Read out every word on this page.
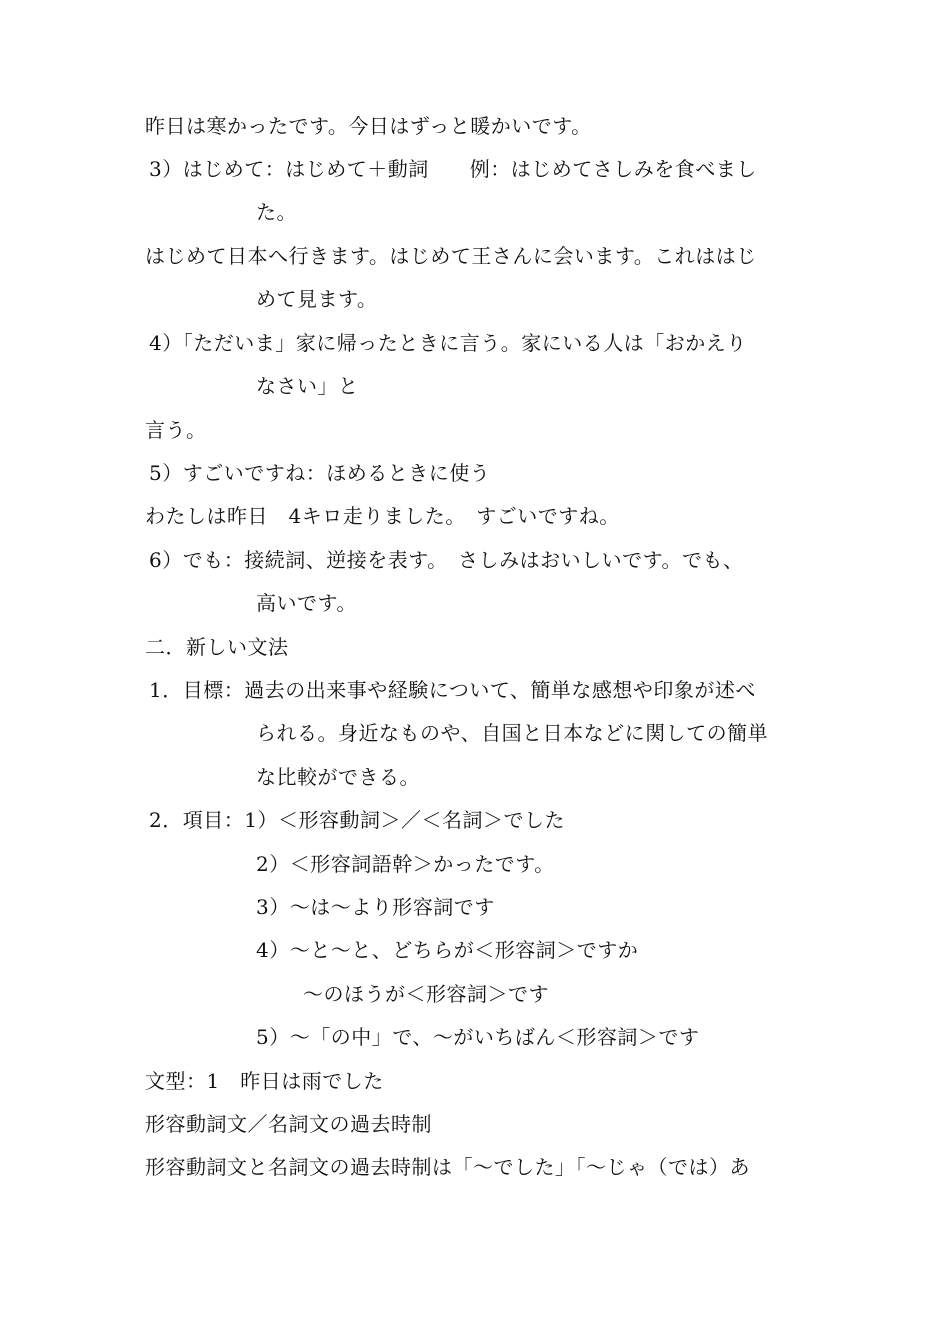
昨日は寒かったです。今日はずっと暖かいです。
3）はじめて：はじめて＋動詞　　例：はじめてさしみを食べまし
た。
はじめて日本へ行きます。はじめて王さんに会います。これははじ
めて見ます。
4）「ただいま」家に帰ったときに言う。家にいる人は「おかえり
なさい」と
言う。
5）すごいですね：ほめるときに使う
わたしは昨日　4キロ走りました。　すごいですね。
6）でも：接続詞、逆接を表す。　さしみはおいしいです。でも、
高いです。
二．新しい文法
1．目標：過去の出来事や経験について、簡単な感想や印象が述べ
られる。身近なものや、自国と日本などに関しての簡単
な比較ができる。
2．項目：1）＜形容動詞＞／＜名詞＞でした
2）＜形容詞語幹＞かったです。
3）～は～より形容詞です
4）～と～と、どちらが＜形容詞＞ですか
～のほうが＜形容詞＞です
5）～「の中」で、～がいちばん＜形容詞＞です
文型：1　昨日は雨でした
形容動詞文／名詞文の過去時制
形容動詞文と名詞文の過去時制は「～でした」「～じゃ（では）あ
